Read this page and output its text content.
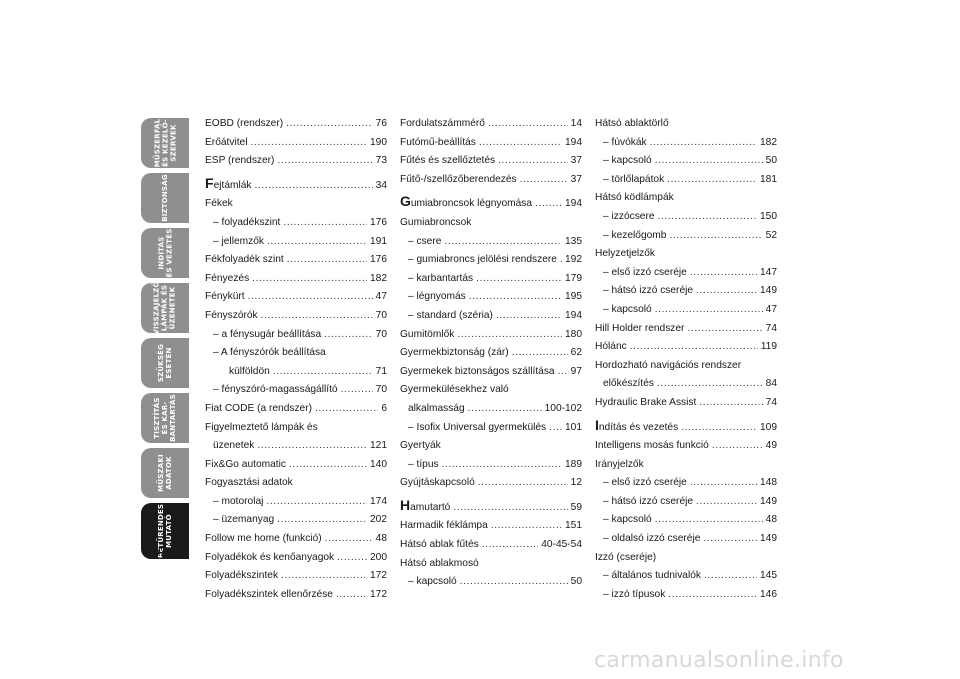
MŰSZERFAL
ÉS KEZELŐ-
SZERVEK
BIZTONSÁG
INDÍTÁS
ÉS VEZETÉS
VISSZAJELZŐ
LÁMPÁK ÉS
ÜZENETEK
SZÜKSÉG
ESETÉN
TISZTÍTÁS
ÉS KAR-
BANTARTÁS
MŰSZAKI
ADATOK
BETŰRENDES
MUTATÓ
208
EOBD (rendszer) .....	76
Erőátvitel .....	190
ESP (rendszer) .....	73
Fejtámlák .....	34
Fékek
– folyadékszint .....	176
– jellemzők .....	191
Fékfolyadék szint .....	176
Fényezés .....	182
Fénykürt .....	47
Fényszórók .....	70
– a fénysugár beállítása .....	70
– A fényszórók beállítása
külföldön .....	71
– fényszóró-magasságállító .....	70
Fiat CODE (a rendszer) .....	6
Figyelmeztető lámpák és
üzenetek .....	121
Fix&Go automatic .....	140
Fogyasztási adatok
– motorolaj .....	174
– üzemanyag .....	202
Follow me home (funkció) .....	48
Folyadékok és kenőanyagok .....	200
Folyadékszintek .....	172
Folyadékszintek ellenőrzése .....	172
Fordulatszámmérő .....	14
Futómű-beállítás .....	194
Fűtés és szellőztetés .....	37
Fűtő-/szellőzőberendezés .....	37
Gumiabroncsok légnyomása .....	194
Gumiabroncsok
– csere .....	135
– gumiabroncs jelölési rendszere ..... 192
– karbantartás .....	179
– légnyomás .....	195
– standard (széria) .....	194
Gumitömlők .....	180
Gyermekbiztonság (zár) .....	62
Gyermekek biztonságos szállítása ..... 97
Gyermekülésekhez való
alkalmasság .....	100-102
– Isofix Universal gyermekülés ..... 101
Gyertyák
– típus .....	189
Gyújtáskapcsoló .....	12
Hamutartó .....	59
Harmadik féklámpa .....	151
Hátsó ablak fűtés .....	40-45-54
Hátsó ablakmosó
– kapcsoló .....	50
Hátsó ablaktörlő
– fúvókák .....	182
– kapcsoló .....	50
– törlőlapátok .....	181
Hátsó ködlámpák
– izzócsere .....	150
– kezelőgomb .....	52
Helyzetjelzők
– első izzó cseréje .....	147
– hátsó izzó cseréje .....	149
– kapcsoló .....	47
Hill Holder rendszer .....	74
Hólánc .....	119
Hordozható navigációs rendszer
előkészítés .....	84
Hydraulic Brake Assist .....	74
Indítás és vezetés .....	109
Intelligens mosás funkció .....	49
Irányjelzők
– első izzó cseréje .....	148
– hátsó izzó cseréje .....	149
– kapcsoló .....	48
– oldalsó izzó cseréje .....	149
Izzó (cseréje)
– általános tudnivalók .....	145
– izzó típusok .....	146
carmanualsonline.info
